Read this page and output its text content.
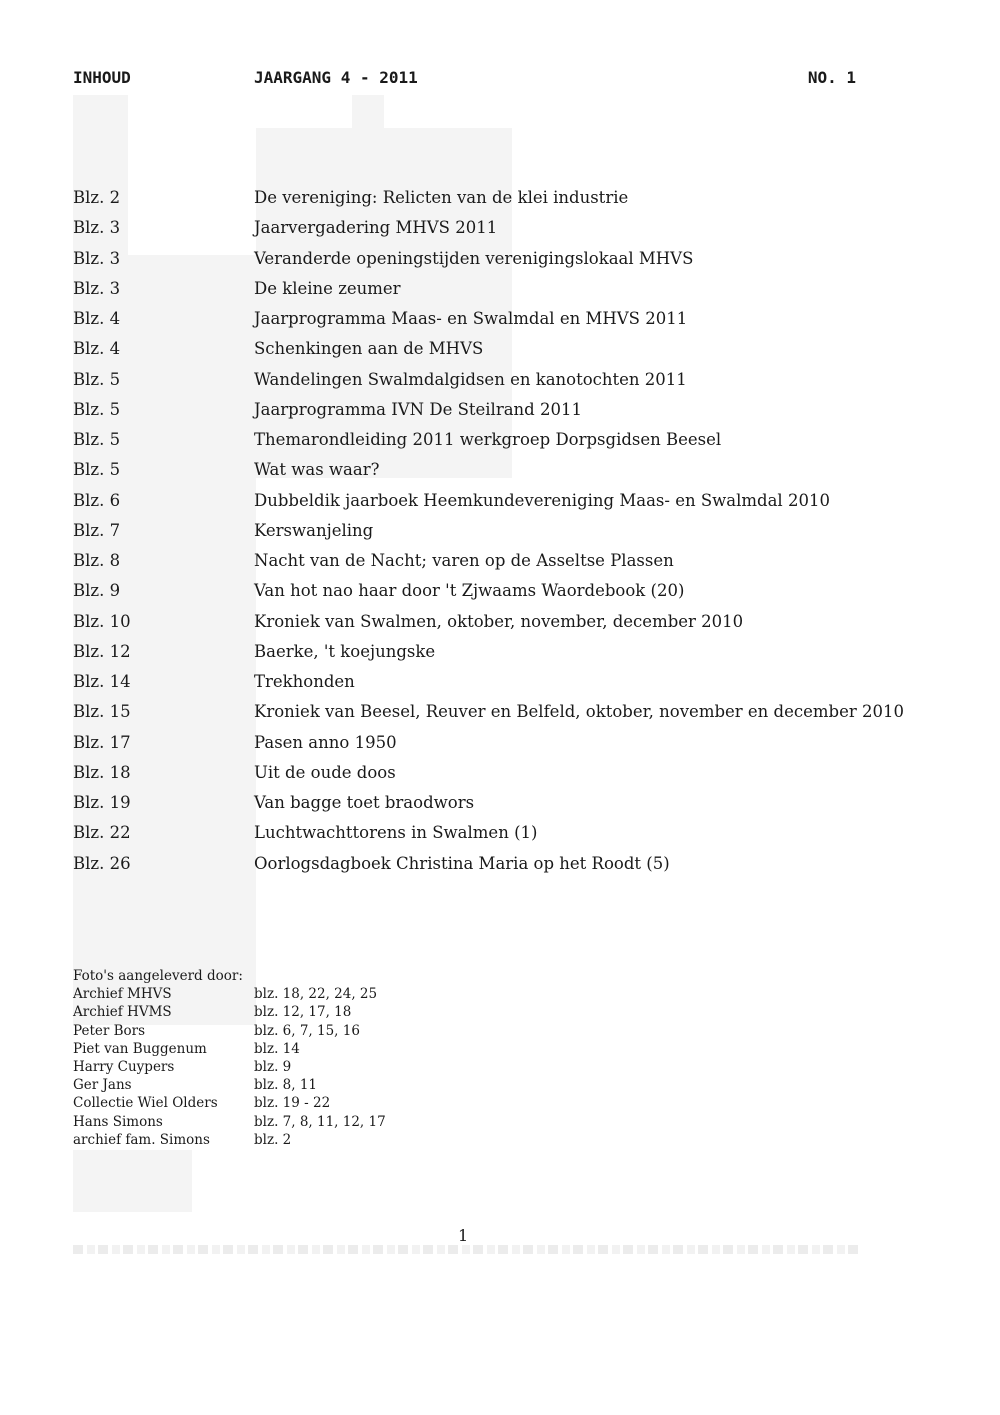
INHOUD	JAARGANG 4 - 2011	NO. 1
Blz. 2	De vereniging: Relicten van de klei industrie
Blz. 3	Jaarvergadering MHVS 2011
Blz. 3	Veranderde openingstijden verenigingslokaal MHVS
Blz. 3	De kleine zeumer
Blz. 4	Jaarprogramma Maas- en Swalmdal en MHVS 2011
Blz. 4	Schenkingen aan de MHVS
Blz. 5	Wandelingen Swalmdalgidsen en kanotochten 2011
Blz. 5	Jaarprogramma IVN De Steilrand 2011
Blz. 5	Themarondleiding 2011 werkgroep Dorpsgidsen Beesel
Blz. 5	Wat was waar?
Blz. 6	Dubbeldik jaarboek Heemkundevereniging Maas- en Swalmdal 2010
Blz. 7	Kerswanjeling
Blz. 8	Nacht van de Nacht; varen op de Asseltse Plassen
Blz. 9	Van hot nao haar door 't Zjwaams Waordebook (20)
Blz. 10	Kroniek van Swalmen, oktober, november, december 2010
Blz. 12	Baerke, 't koejungske
Blz. 14	Trekhonden
Blz. 15	Kroniek van Beesel, Reuver en Belfeld, oktober, november en december 2010
Blz. 17	Pasen anno 1950
Blz. 18	Uit de oude doos
Blz. 19	Van bagge toet braodwors
Blz. 22	Luchtwachttorens in Swalmen (1)
Blz. 26	Oorlogsdagboek Christina Maria op het Roodt (5)
Foto's aangeleverd door:
Archief MHVS	blz. 18, 22, 24, 25
Archief HVMS	blz. 12, 17, 18
Peter Bors	blz. 6, 7, 15, 16
Piet van Buggenum	blz. 14
Harry Cuypers	blz. 9
Ger Jans	blz. 8, 11
Collectie Wiel Olders	blz. 19 - 22
Hans Simons	blz. 7, 8, 11, 12, 17
archief fam. Simons	blz. 2
1
